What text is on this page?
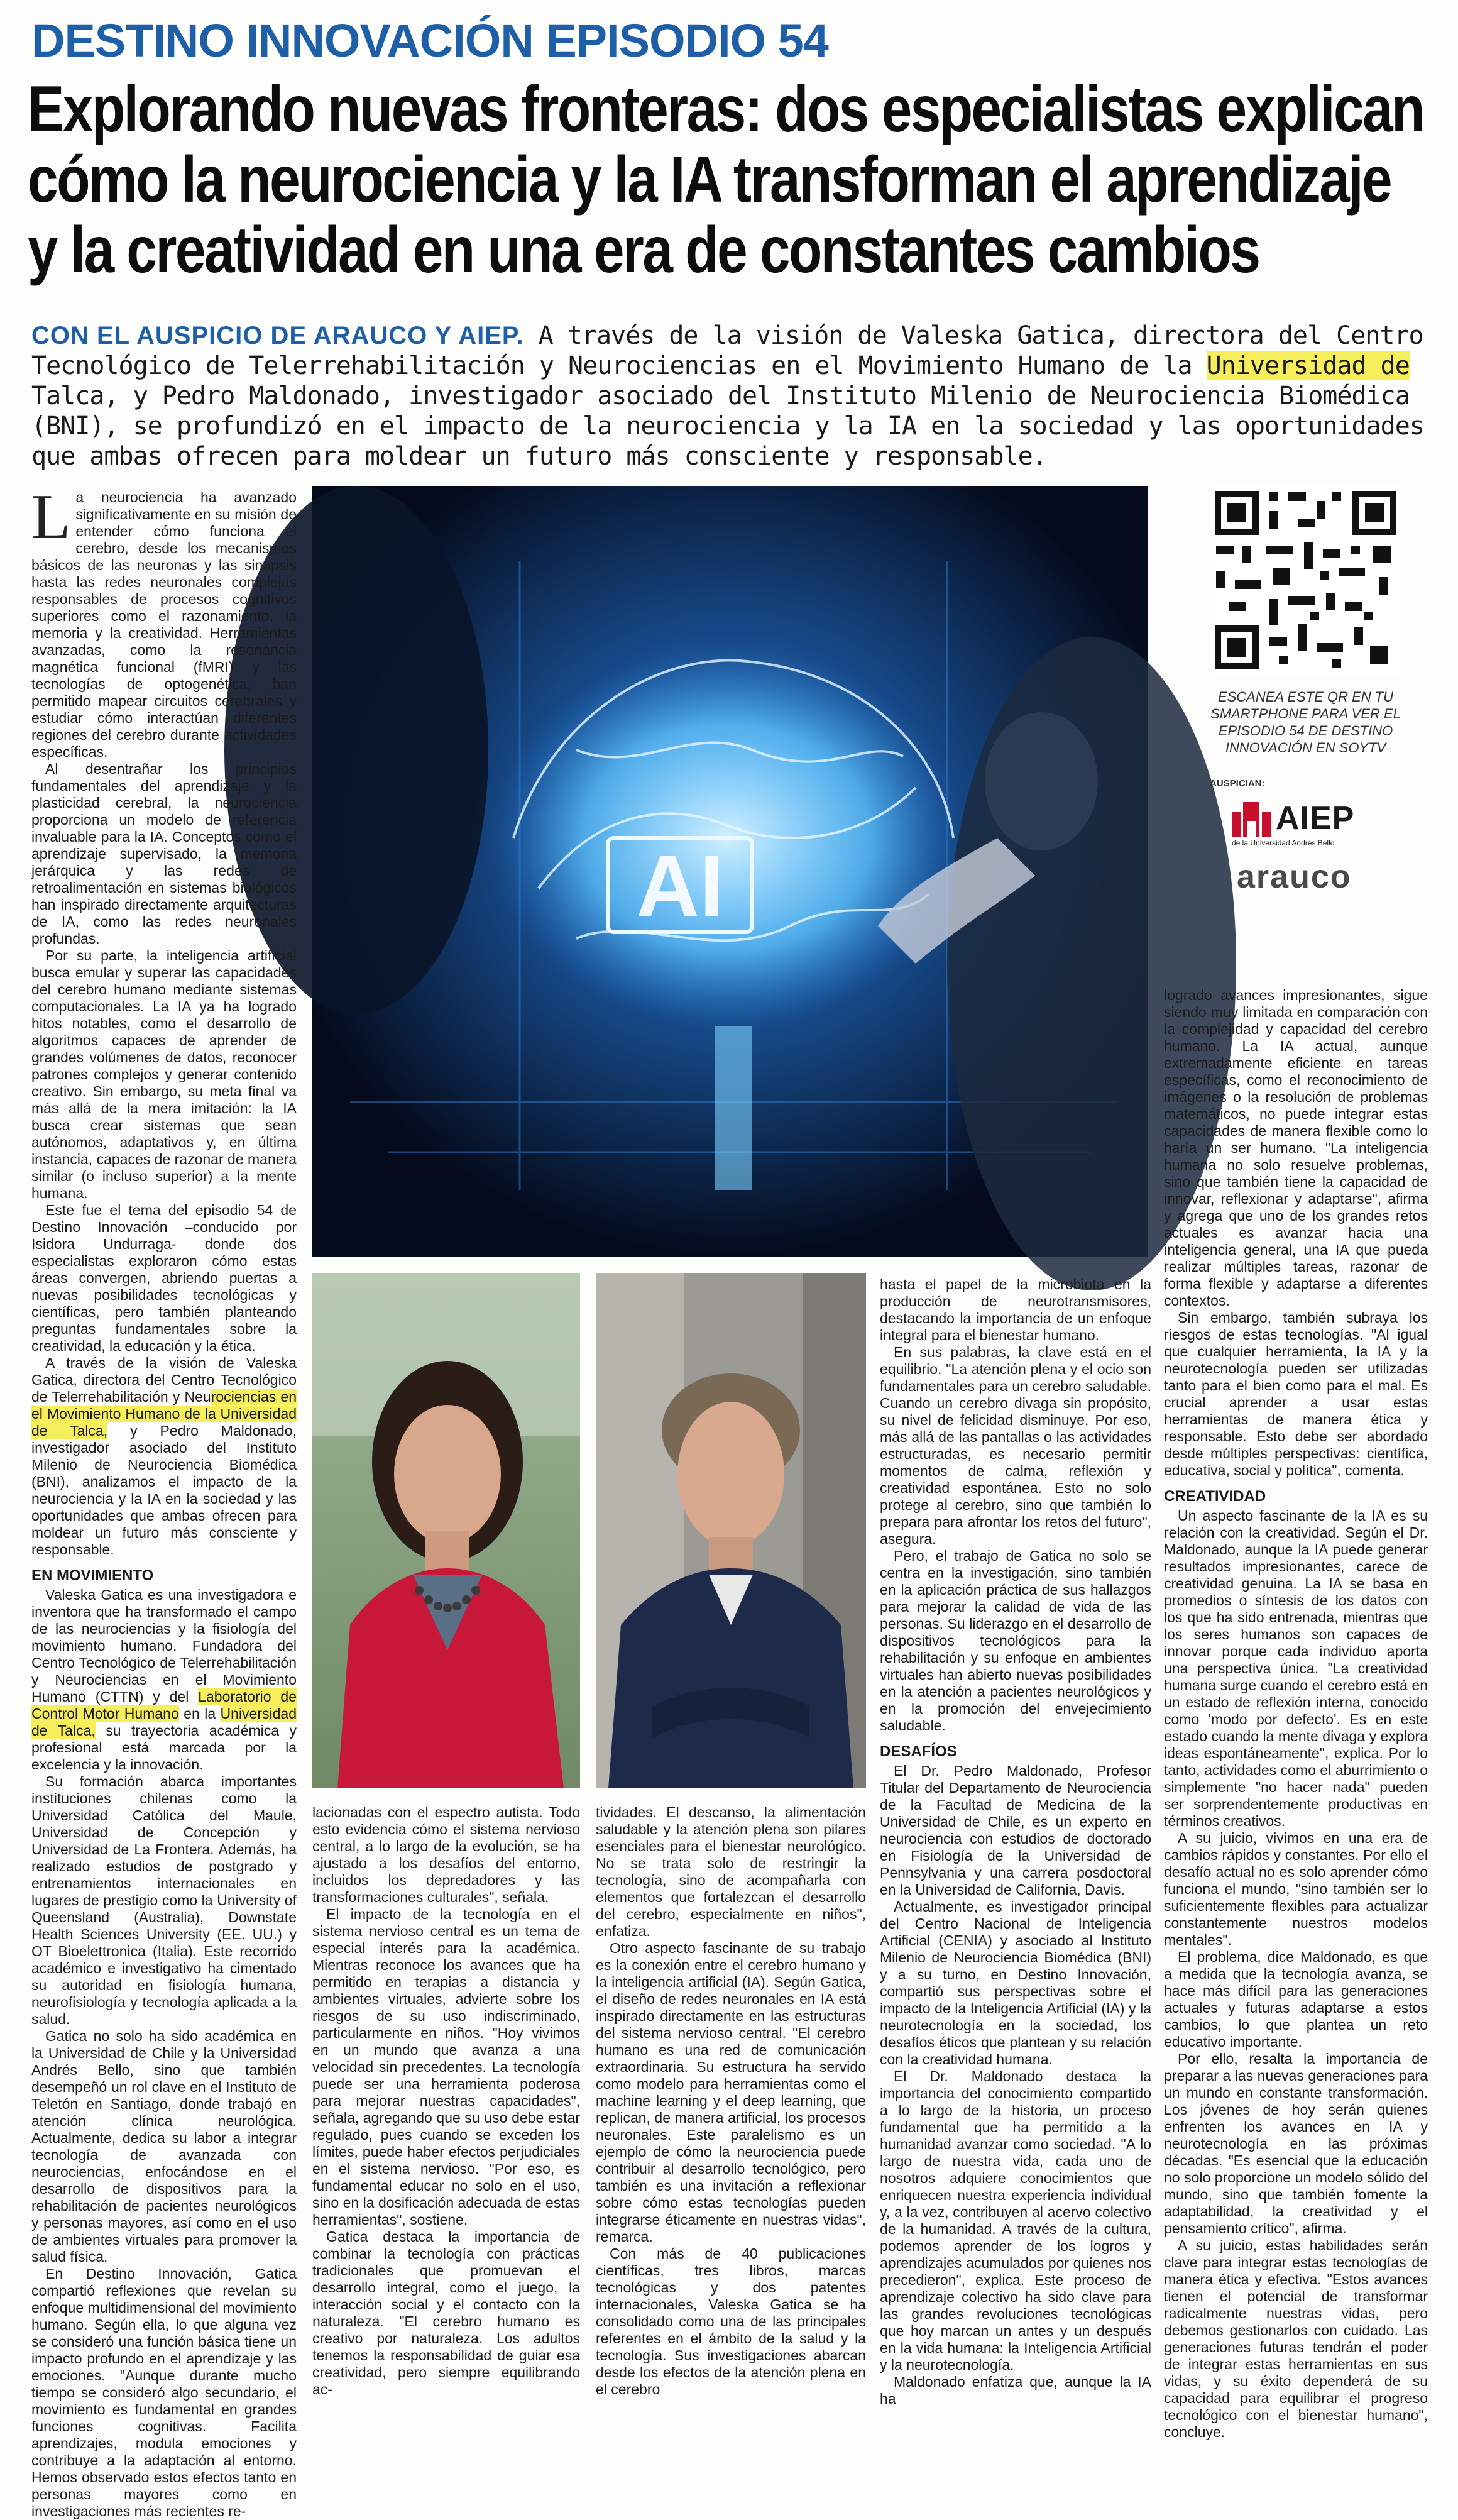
DESTINO INNOVACIÓN EPISODIO 54
Explorando nuevas fronteras: dos especialistas explican
cómo la neurociencia y la IA transforman el aprendizaje
y la creatividad en una era de constantes cambios
CON EL AUSPICIO DE ARAUCO Y AIEP. A través de la visión de Valeska Gatica, directora del Centro Tecnológico de Telerrehabilitación y Neurociencias en el Movimiento Humano de la Universidad de Talca, y Pedro Maldonado, investigador asociado del Instituto Milenio de Neurociencia Biomédica (BNI), se profundizó en el impacto de la neurociencia y la IA en la sociedad y las oportunidades que ambas ofrecen para moldear un futuro más consciente y responsable.
AI
ESCANEA ESTE QR EN TU SMARTPHONE PARA VER EL EPISODIO 54 DE DESTINO INNOVACIÓN EN SOYTV
AUSPICIAN:
AIEP
de la Universidad Andrés Bello
arauco

La neurociencia ha avanzado significativamente en su misión de entender cómo funciona el cerebro, desde los mecanismos básicos de las neuronas y las sinapsis hasta las redes neuronales complejas responsables de procesos cognitivos superiores como el razonamiento, la memoria y la creatividad. Herramientas avanzadas, como la resonancia magnética funcional (fMRI) y las tecnologías de optogenética, han permitido mapear circuitos cerebrales y estudiar cómo interactúan diferentes regiones del cerebro durante actividades específicas.

Al desentrañar los principios fundamentales del aprendizaje y la plasticidad cerebral, la neurociencia proporciona un modelo de referencia invaluable para la IA. Conceptos como el aprendizaje supervisado, la memoria jerárquica y las redes de retroalimentación en sistemas biológicos han inspirado directamente arquitecturas de IA, como las redes neuronales profundas.

Por su parte, la inteligencia artificial busca emular y superar las capacidades del cerebro humano mediante sistemas computacionales. La IA ya ha logrado hitos notables, como el desarrollo de algoritmos capaces de aprender de grandes volúmenes de datos, reconocer patrones complejos y generar contenido creativo. Sin embargo, su meta final va más allá de la mera imitación: la IA busca crear sistemas que sean autónomos, adaptativos y, en última instancia, capaces de razonar de manera similar (o incluso superior) a la mente humana.

Este fue el tema del episodio 54 de Destino Innovación –conducido por Isidora Undurraga- donde dos especialistas exploraron cómo estas áreas convergen, abriendo puertas a nuevas posibilidades tecnológicas y científicas, pero también planteando preguntas fundamentales sobre la creatividad, la educación y la ética.

A través de la visión de Valeska Gatica, directora del Centro Tecnológico de Telerrehabilitación y Neurociencias en el Movimiento Humano de la Universidad de Talca, y Pedro Maldonado, investigador asociado del Instituto Milenio de Neurociencia Biomédica (BNI), analizamos el impacto de la neurociencia y la IA en la sociedad y las oportunidades que ambas ofrecen para moldear un futuro más consciente y responsable.

EN MOVIMIENTO

Valeska Gatica es una investigadora e inventora que ha transformado el campo de las neurociencias y la fisiología del movimiento humano. Fundadora del Centro Tecnológico de Telerrehabilitación y Neurociencias en el Movimiento Humano (CTTN) y del Laboratorio de Control Motor Humano en la Universidad de Talca, su trayectoria académica y profesional está marcada por la excelencia y la innovación.

Su formación abarca importantes instituciones chilenas como la Universidad Católica del Maule, Universidad de Concepción y Universidad de La Frontera. Además, ha realizado estudios de postgrado y entrenamientos internacionales en lugares de prestigio como la University of Queensland (Australia), Downstate Health Sciences University (EE. UU.) y OT Bioelettronica (Italia). Este recorrido académico e investigativo ha cimentado su autoridad en fisiología humana, neurofisiología y tecnología aplicada a la salud.

Gatica no solo ha sido académica en la Universidad de Chile y la Universidad Andrés Bello, sino que también desempeñó un rol clave en el Instituto de Teletón en Santiago, donde trabajó en atención clínica neurológica. Actualmente, dedica su labor a integrar tecnología de avanzada con neurociencias, enfocándose en el desarrollo de dispositivos para la rehabilitación de pacientes neurológicos y personas mayores, así como en el uso de ambientes virtuales para promover la salud física.

En Destino Innovación, Gatica compartió reflexiones que revelan su enfoque multidimensional del movimiento humano. Según ella, lo que alguna vez se consideró una función básica tiene un impacto profundo en el aprendizaje y las emociones. "Aunque durante mucho tiempo se consideró algo secundario, el movimiento es fundamental en grandes funciones cognitivas. Facilita aprendizajes, modula emociones y contribuye a la adaptación al entorno. Hemos observado estos efectos tanto en personas mayores como en investigaciones más recientes re-

lacionadas con el espectro autista. Todo esto evidencia cómo el sistema nervioso central, a lo largo de la evolución, se ha ajustado a los desafíos del entorno, incluidos los depredadores y las transformaciones culturales", señala.

El impacto de la tecnología en el sistema nervioso central es un tema de especial interés para la académica. Mientras reconoce los avances que ha permitido en terapias a distancia y ambientes virtuales, advierte sobre los riesgos de su uso indiscriminado, particularmente en niños. "Hoy vivimos en un mundo que avanza a una velocidad sin precedentes. La tecnología puede ser una herramienta poderosa para mejorar nuestras capacidades", señala, agregando que su uso debe estar regulado, pues cuando se exceden los límites, puede haber efectos perjudiciales en el sistema nervioso. "Por eso, es fundamental educar no solo en el uso, sino en la dosificación adecuada de estas herramientas", sostiene.

Gatica destaca la importancia de combinar la tecnología con prácticas tradicionales que promuevan el desarrollo integral, como el juego, la interacción social y el contacto con la naturaleza. "El cerebro humano es creativo por naturaleza. Los adultos tenemos la responsabilidad de guiar esa creatividad, pero siempre equilibrando ac-

tividades. El descanso, la alimentación saludable y la atención plena son pilares esenciales para el bienestar neurológico. No se trata solo de restringir la tecnología, sino de acompañarla con elementos que fortalezcan el desarrollo del cerebro, especialmente en niños", enfatiza.

Otro aspecto fascinante de su trabajo es la conexión entre el cerebro humano y la inteligencia artificial (IA). Según Gatica, el diseño de redes neuronales en IA está inspirado directamente en las estructuras del sistema nervioso central. "El cerebro humano es una red de comunicación extraordinaria. Su estructura ha servido como modelo para herramientas como el machine learning y el deep learning, que replican, de manera artificial, los procesos neuronales. Este paralelismo es un ejemplo de cómo la neurociencia puede contribuir al desarrollo tecnológico, pero también es una invitación a reflexionar sobre cómo estas tecnologías pueden integrarse éticamente en nuestras vidas", remarca.

Con más de 40 publicaciones científicas, tres libros, marcas tecnológicas y dos patentes internacionales, Valeska Gatica se ha consolidado como una de las principales referentes en el ámbito de la salud y la tecnología. Sus investigaciones abarcan desde los efectos de la atención plena en el cerebro

hasta el papel de la microbiota en la producción de neurotransmisores, destacando la importancia de un enfoque integral para el bienestar humano.

En sus palabras, la clave está en el equilibrio. "La atención plena y el ocio son fundamentales para un cerebro saludable. Cuando un cerebro divaga sin propósito, su nivel de felicidad disminuye. Por eso, más allá de las pantallas o las actividades estructuradas, es necesario permitir momentos de calma, reflexión y creatividad espontánea. Esto no solo protege al cerebro, sino que también lo prepara para afrontar los retos del futuro", asegura.

Pero, el trabajo de Gatica no solo se centra en la investigación, sino también en la aplicación práctica de sus hallazgos para mejorar la calidad de vida de las personas. Su liderazgo en el desarrollo de dispositivos tecnológicos para la rehabilitación y su enfoque en ambientes virtuales han abierto nuevas posibilidades en la atención a pacientes neurológicos y en la promoción del envejecimiento saludable.

DESAFÍOS

El Dr. Pedro Maldonado, Profesor Titular del Departamento de Neurociencia de la Facultad de Medicina de la Universidad de Chile, es un experto en neurociencia con estudios de doctorado en Fisiología de la Universidad de Pennsylvania y una carrera posdoctoral en la Universidad de California, Davis.

Actualmente, es investigador principal del Centro Nacional de Inteligencia Artificial (CENIA) y asociado al Instituto Milenio de Neurociencia Biomédica (BNI) y a su turno, en Destino Innovación, compartió sus perspectivas sobre el impacto de la Inteligencia Artificial (IA) y la neurotecnología en la sociedad, los desafíos éticos que plantean y su relación con la creatividad humana.

El Dr. Maldonado destaca la importancia del conocimiento compartido a lo largo de la historia, un proceso fundamental que ha permitido a la humanidad avanzar como sociedad. "A lo largo de nuestra vida, cada uno de nosotros adquiere conocimientos que enriquecen nuestra experiencia individual y, a la vez, contribuyen al acervo colectivo de la humanidad. A través de la cultura, podemos aprender de los logros y aprendizajes acumulados por quienes nos precedieron", explica. Este proceso de aprendizaje colectivo ha sido clave para las grandes revoluciones tecnológicas que hoy marcan un antes y un después en la vida humana: la Inteligencia Artificial y la neurotecnología.

Maldonado enfatiza que, aunque la IA ha

logrado avances impresionantes, sigue siendo muy limitada en comparación con la complejidad y capacidad del cerebro humano. La IA actual, aunque extremadamente eficiente en tareas específicas, como el reconocimiento de imágenes o la resolución de problemas matemáticos, no puede integrar estas capacidades de manera flexible como lo haría un ser humano. "La inteligencia humana no solo resuelve problemas, sino que también tiene la capacidad de innovar, reflexionar y adaptarse", afirma y agrega que uno de los grandes retos actuales es avanzar hacia una inteligencia general, una IA que pueda realizar múltiples tareas, razonar de forma flexible y adaptarse a diferentes contextos.

Sin embargo, también subraya los riesgos de estas tecnologías. "Al igual que cualquier herramienta, la IA y la neurotecnología pueden ser utilizadas tanto para el bien como para el mal. Es crucial aprender a usar estas herramientas de manera ética y responsable. Esto debe ser abordado desde múltiples perspectivas: científica, educativa, social y política", comenta.

CREATIVIDAD

Un aspecto fascinante de la IA es su relación con la creatividad. Según el Dr. Maldonado, aunque la IA puede generar resultados impresionantes, carece de creatividad genuina. La IA se basa en promedios o síntesis de los datos con los que ha sido entrenada, mientras que los seres humanos son capaces de innovar porque cada individuo aporta una perspectiva única. "La creatividad humana surge cuando el cerebro está en un estado de reflexión interna, conocido como 'modo por defecto'. Es en este estado cuando la mente divaga y explora ideas espontáneamente", explica. Por lo tanto, actividades como el aburrimiento o simplemente "no hacer nada" pueden ser sorprendentemente productivas en términos creativos.

A su juicio, vivimos en una era de cambios rápidos y constantes. Por ello el desafío actual no es solo aprender cómo funciona el mundo, "sino también ser lo suficientemente flexibles para actualizar constantemente nuestros modelos mentales".

El problema, dice Maldonado, es que a medida que la tecnología avanza, se hace más difícil para las generaciones actuales y futuras adaptarse a estos cambios, lo que plantea un reto educativo importante.

Por ello, resalta la importancia de preparar a las nuevas generaciones para un mundo en constante transformación. Los jóvenes de hoy serán quienes enfrenten los avances en IA y neurotecnología en las próximas décadas. "Es esencial que la educación no solo proporcione un modelo sólido del mundo, sino que también fomente la adaptabilidad, la creatividad y el pensamiento crítico", afirma.

A su juicio, estas habilidades serán clave para integrar estas tecnologías de manera ética y efectiva. "Estos avances tienen el potencial de transformar radicalmente nuestras vidas, pero debemos gestionarlos con cuidado. Las generaciones futuras tendrán el poder de integrar estas herramientas en sus vidas, y su éxito dependerá de su capacidad para equilibrar el progreso tecnológico con el bienestar humano", concluye.
